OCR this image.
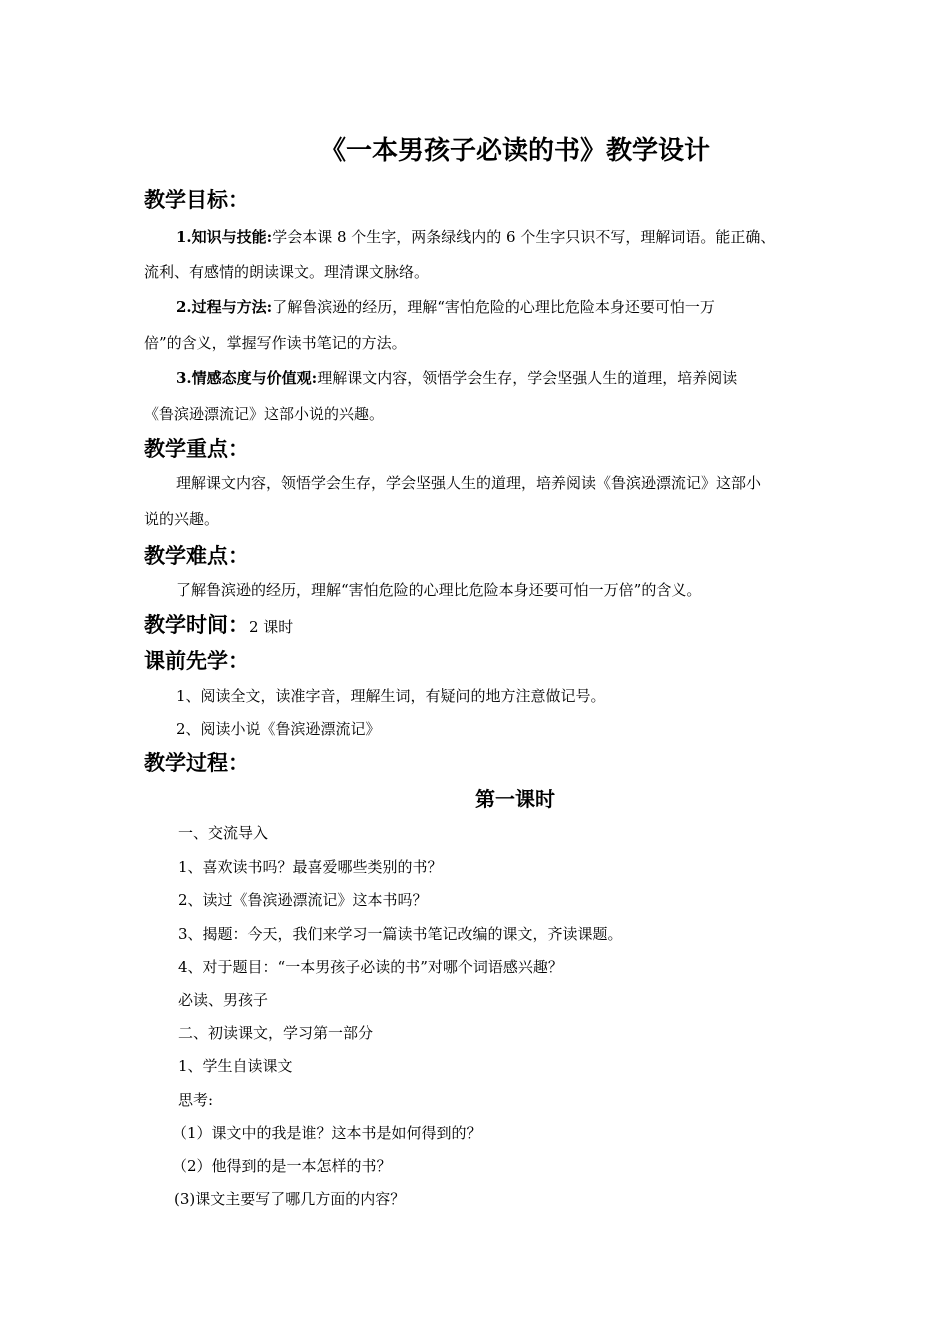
《一本男孩子必读的书》教学设计
教学目标：
1.知识与技能:学会本课 8 个生字，两条绿线内的 6 个生字只识不写，理解词语。能正确、
流利、有感情的朗读课文。理清课文脉络。
2.过程与方法:了解鲁滨逊的经历，理解“害怕危险的心理比危险本身还要可怕一万
倍”的含义，掌握写作读书笔记的方法。
3.情感态度与价值观:理解课文内容，领悟学会生存，学会坚强人生的道理，培养阅读
《鲁滨逊漂流记》这部小说的兴趣。
教学重点：
理解课文内容，领悟学会生存，学会坚强人生的道理，培养阅读《鲁滨逊漂流记》这部小
说的兴趣。
教学难点：
了解鲁滨逊的经历，理解“害怕危险的心理比危险本身还要可怕一万倍”的含义。
教学时间：2 课时
课前先学：
1、阅读全文，读准字音，理解生词，有疑问的地方注意做记号。
2、阅读小说《鲁滨逊漂流记》
教学过程：
第一课时
一、交流导入
1、喜欢读书吗？最喜爱哪些类别的书？
2、读过《鲁滨逊漂流记》这本书吗？
3、揭题：今天，我们来学习一篇读书笔记改编的课文，齐读课题。
4、对于题目：“一本男孩子必读的书”对哪个词语感兴趣？
必读、男孩子
二、初读课文，学习第一部分
1、学生自读课文
思考:
（1）课文中的我是谁？这本书是如何得到的？
（2）他得到的是一本怎样的书？
(3)课文主要写了哪几方面的内容？
